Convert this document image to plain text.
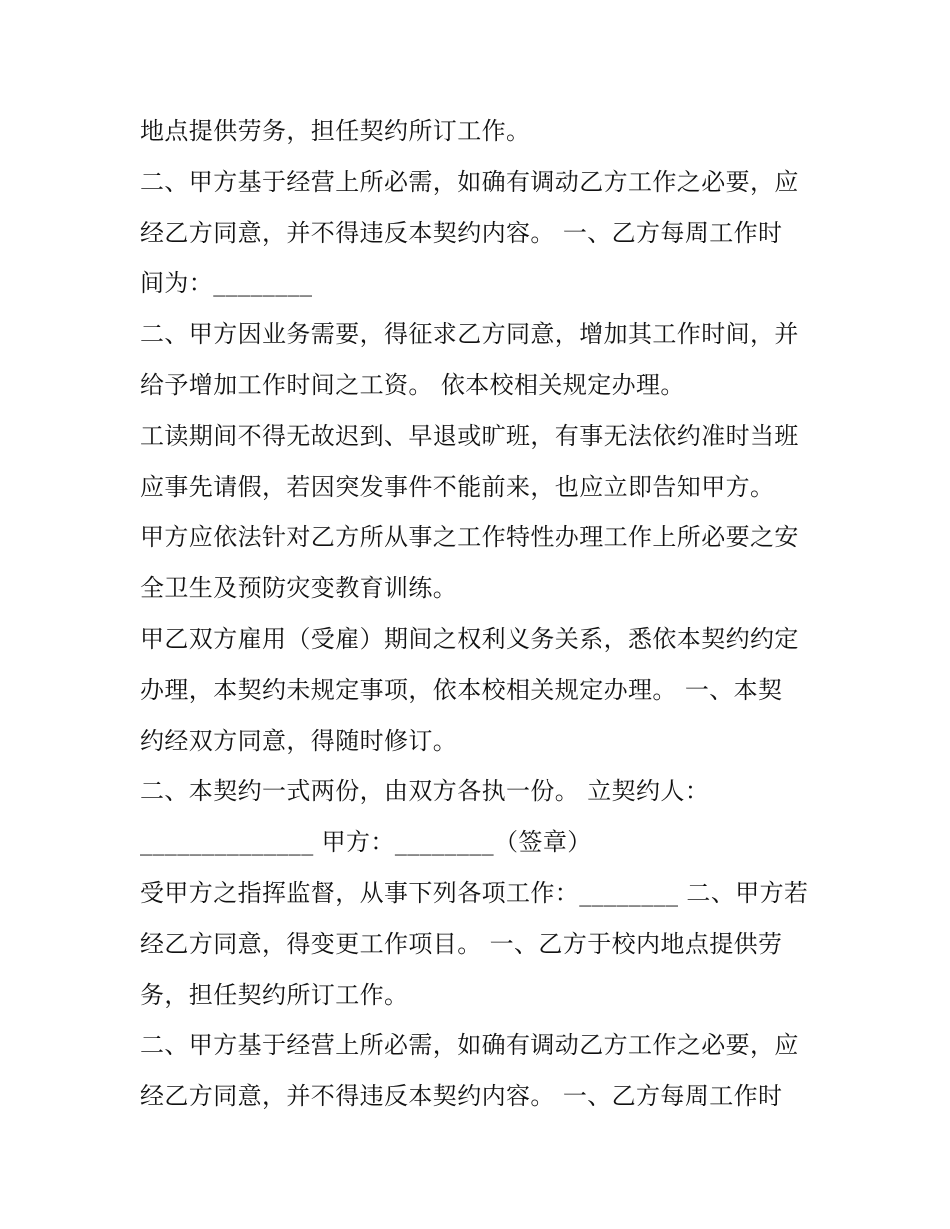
地点提供劳务，担任契约所订工作。
二、甲方基于经营上所必需，如确有调动乙方工作之必要，应
经乙方同意，并不得违反本契约内容。 一、乙方每周工作时
间为：________
二、甲方因业务需要，得征求乙方同意，增加其工作时间，并
给予增加工作时间之工资。 依本校相关规定办理。
工读期间不得无故迟到、早退或旷班，有事无法依约准时当班
应事先请假，若因突发事件不能前来，也应立即告知甲方。
甲方应依法针对乙方所从事之工作特性办理工作上所必要之安
全卫生及预防灾变教育训练。
甲乙双方雇用（受雇）期间之权利义务关系，悉依本契约约定
办理，本契约未规定事项，依本校相关规定办理。 一、本契
约经双方同意，得随时修订。
二、本契约一式两份，由双方各执一份。 立契约人：
______________ 甲方：________（签章）
受甲方之指挥监督，从事下列各项工作：________ 二、甲方若
经乙方同意，得变更工作项目。 一、乙方于校内地点提供劳
务，担任契约所订工作。
二、甲方基于经营上所必需，如确有调动乙方工作之必要，应
经乙方同意，并不得违反本契约内容。 一、乙方每周工作时
